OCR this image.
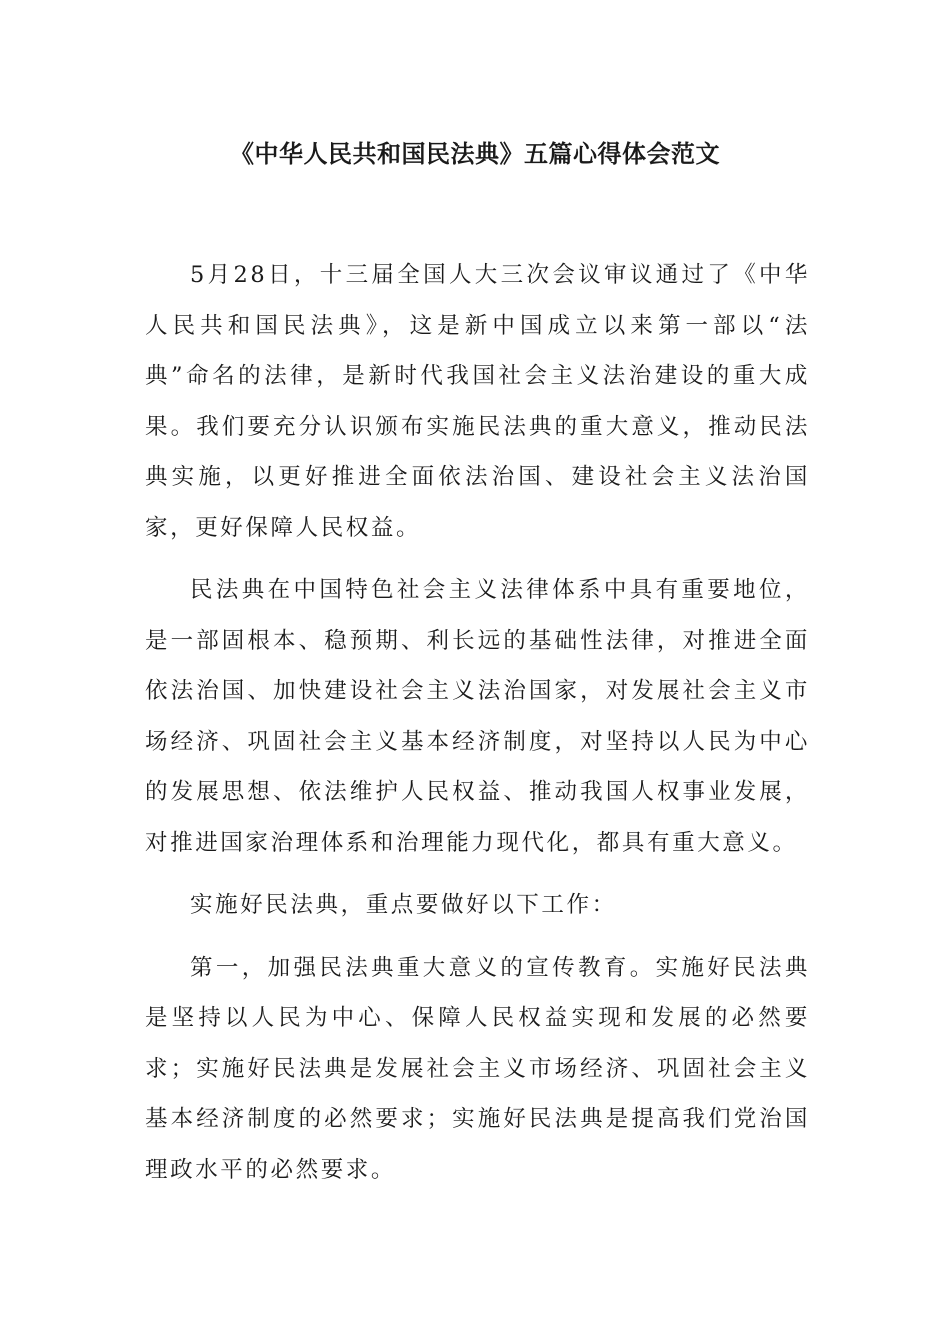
《中华人民共和国民法典》五篇心得体会范文

5月28日，十三届全国人大三次会议审议通过了《中华人民共和国民法典》，这是新中国成立以来第一部以“法典”命名的法律，是新时代我国社会主义法治建设的重大成果。我们要充分认识颁布实施民法典的重大意义，推动民法典实施，以更好推进全面依法治国、建设社会主义法治国家，更好保障人民权益。

民法典在中国特色社会主义法律体系中具有重要地位，是一部固根本、稳预期、利长远的基础性法律，对推进全面依法治国、加快建设社会主义法治国家，对发展社会主义市场经济、巩固社会主义基本经济制度，对坚持以人民为中心的发展思想、依法维护人民权益、推动我国人权事业发展，对推进国家治理体系和治理能力现代化，都具有重大意义。

实施好民法典，重点要做好以下工作：

第一，加强民法典重大意义的宣传教育。实施好民法典是坚持以人民为中心、保障人民权益实现和发展的必然要求；实施好民法典是发展社会主义市场经济、巩固社会主义基本经济制度的必然要求；实施好民法典是提高我们党治国理政水平的必然要求。
